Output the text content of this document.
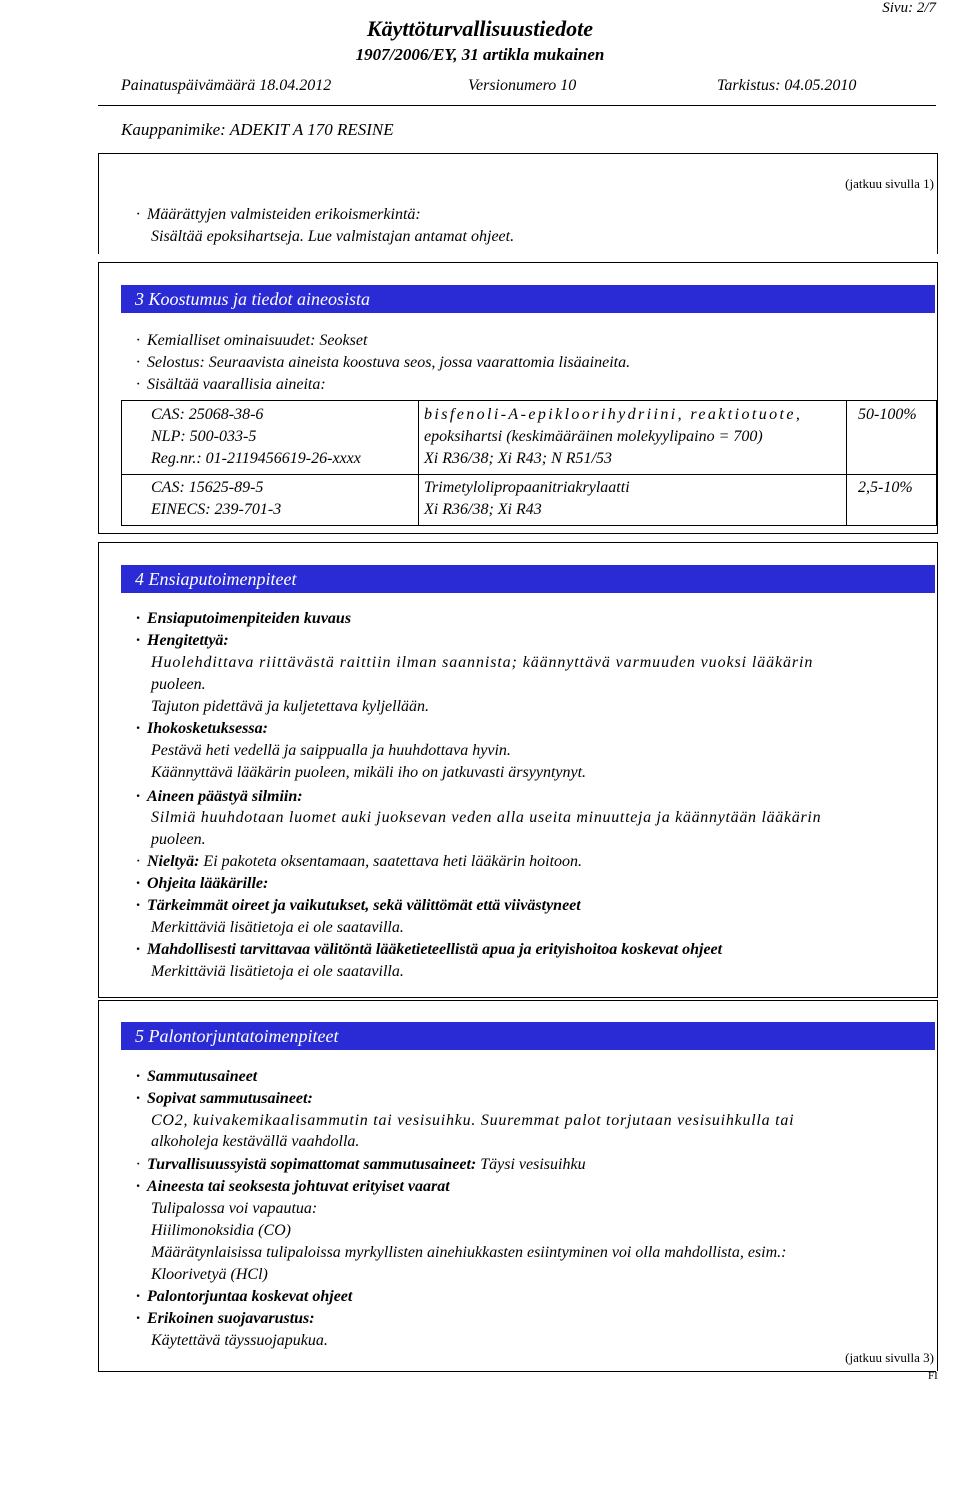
Sivu: 2/7
Käyttöturvallisuustiedote
1907/2006/EY, 31 artikla mukainen
Painatuspäivämäärä 18.04.2012	Versionumero 10	Tarkistus: 04.05.2010
Kauppanimike: ADEKIT A 170 RESINE
(jatkuu sivulla 1)
· Määrättyjen valmisteiden erikoismerkintä:
Sisältää epoksihartseja. Lue valmistajan antamat ohjeet.
3 Koostumus ja tiedot aineosista
· Kemialliset ominaisuudet: Seokset
· Selostus: Seuraavista aineista koostuva seos, jossa vaarattomia lisäaineita.
· Sisältää vaarallisia aineita:
CAS: 25068-38-6
NLP: 500-033-5
Reg.nr.: 01-2119456619-26-xxxx
bisfenoli-A-epikloorihydriini, reaktiotuote,
epoksihartsi (keskimääräinen molekyylipaino = 700)
Xi R36/38; Xi R43; N R51/53
50-100%
CAS: 15625-89-5
EINECS: 239-701-3
Trimetylolipropaanitriakrylaatti
Xi R36/38; Xi R43
2,5-10%
4 Ensiaputoimenpiteet
· Ensiaputoimenpiteiden kuvaus
· Hengitettyä:
Huolehdittava riittävästä raittiin ilman saannista; käännyttävä varmuuden vuoksi lääkärin
puoleen.
Tajuton pidettävä ja kuljetettava kyljellään.
· Ihokosketuksessa:
Pestävä heti vedellä ja saippualla ja huuhdottava hyvin.
Käännyttävä lääkärin puoleen, mikäli iho on jatkuvasti ärsyyntynyt.
· Aineen päästyä silmiin:
Silmiä huuhdotaan luomet auki juoksevan veden alla useita minuutteja ja käännytään lääkärin
puoleen.
· Nieltyä: Ei pakoteta oksentamaan, saatettava heti lääkärin hoitoon.
· Ohjeita lääkärille:
· Tärkeimmät oireet ja vaikutukset, sekä välittömät että viivästyneet
Merkittäviä lisätietoja ei ole saatavilla.
· Mahdollisesti tarvittavaa välitöntä lääketieteellistä apua ja erityishoitoa koskevat ohjeet
Merkittäviä lisätietoja ei ole saatavilla.
5 Palontorjuntatoimenpiteet
· Sammutusaineet
· Sopivat sammutusaineet:
CO2, kuivakemikaalisammutin tai vesisuihku. Suuremmat palot torjutaan vesisuihkulla tai
alkoholeja kestävällä vaahdolla.
· Turvallisuussyistä sopimattomat sammutusaineet: Täysi vesisuihku
· Aineesta tai seoksesta johtuvat erityiset vaarat
Tulipalossa voi vapautua:
Hiilimonoksidia (CO)
Määrätynlaisissa tulipaloissa myrkyllisten ainehiukkasten esiintyminen voi olla mahdollista, esim.:
Kloorivetyä (HCl)
· Palontorjuntaa koskevat ohjeet
· Erikoinen suojavarustus:
Käytettävä täyssuojapukua.
(jatkuu sivulla 3)
FI
